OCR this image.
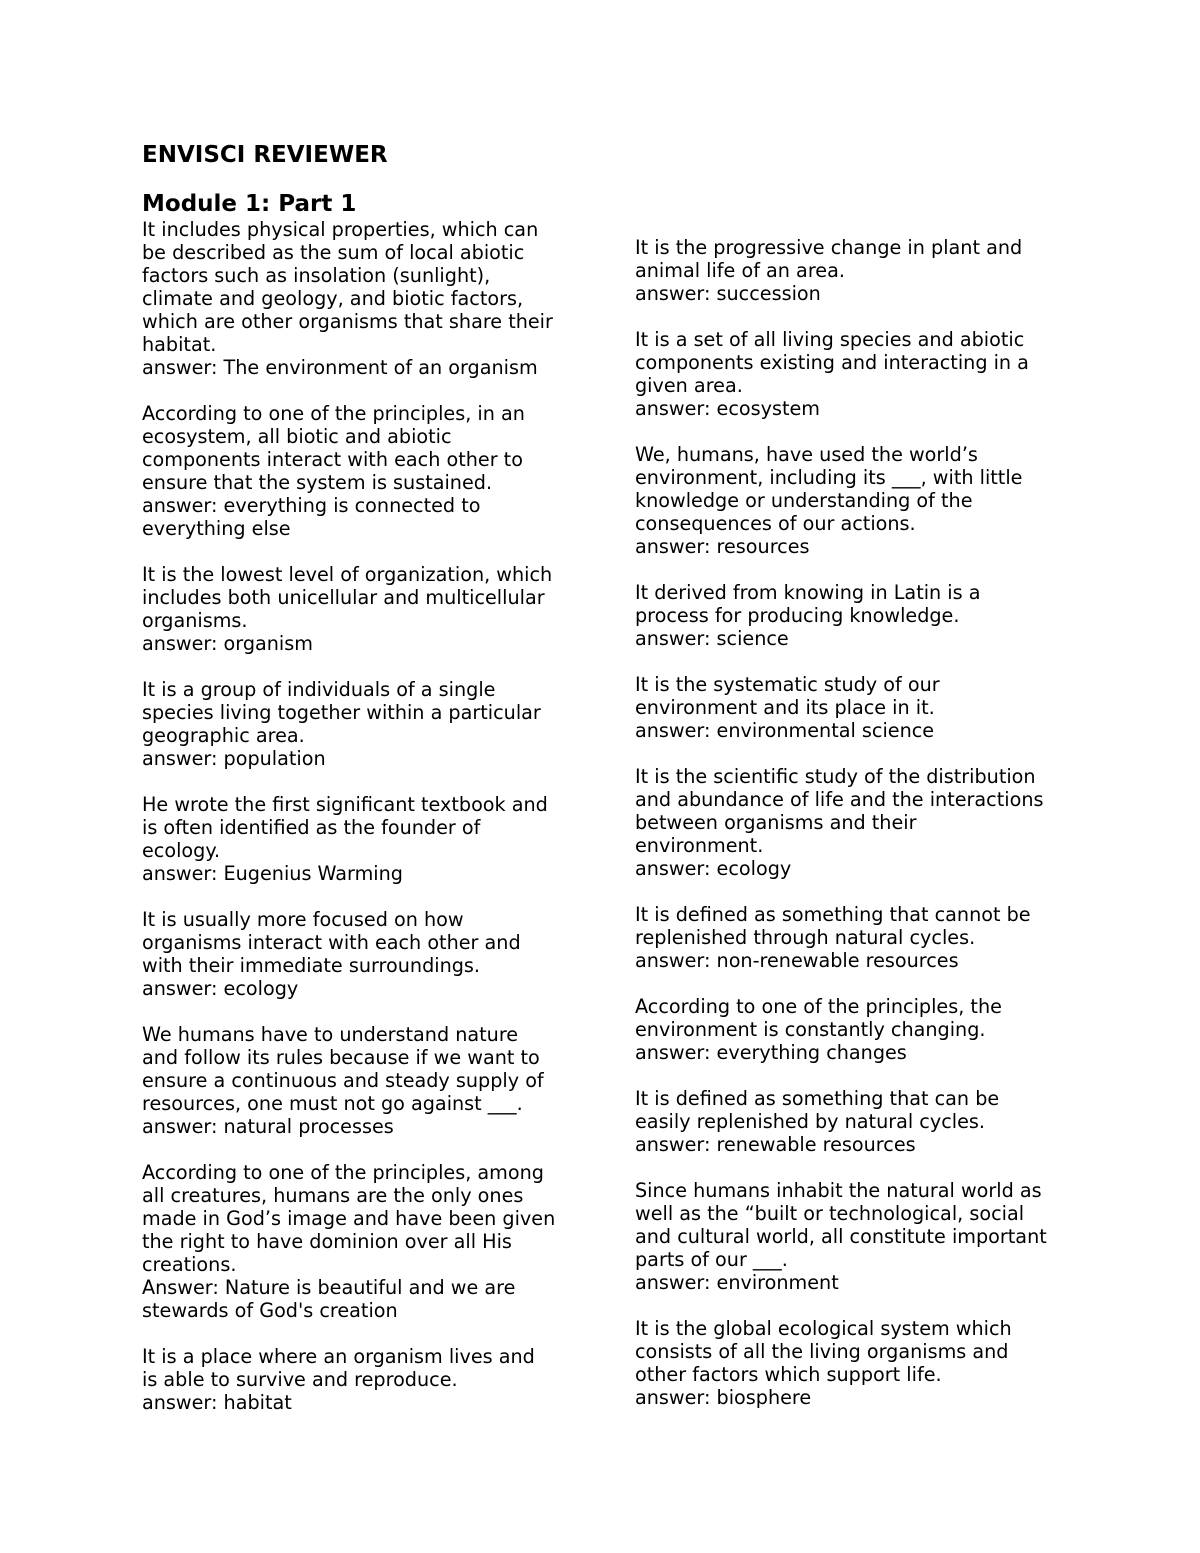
ENVISCI REVIEWER
Module 1: Part 1
It includes physical properties, which can
be described as the sum of local abiotic
factors such as insolation (sunlight),
climate and geology, and biotic factors,
which are other organisms that share their
habitat.
answer: The environment of an organism
According to one of the principles, in an
ecosystem, all biotic and abiotic
components interact with each other to
ensure that the system is sustained.
answer: everything is connected to
everything else
It is the lowest level of organization, which
includes both unicellular and multicellular
organisms.
answer: organism
It is a group of individuals of a single
species living together within a particular
geographic area.
answer: population
He wrote the first significant textbook and
is often identified as the founder of
ecology.
answer: Eugenius Warming
It is usually more focused on how
organisms interact with each other and
with their immediate surroundings.
answer: ecology
We humans have to understand nature
and follow its rules because if we want to
ensure a continuous and steady supply of
resources, one must not go against ___.
answer: natural processes
According to one of the principles, among
all creatures, humans are the only ones
made in God’s image and have been given
the right to have dominion over all His
creations.
Answer: Nature is beautiful and we are
stewards of God's creation
It is a place where an organism lives and
is able to survive and reproduce.
answer: habitat
It is the progressive change in plant and
animal life of an area.
answer: succession
It is a set of all living species and abiotic
components existing and interacting in a
given area.
answer: ecosystem
We, humans, have used the world’s
environment, including its ___, with little
knowledge or understanding of the
consequences of our actions.
answer: resources
It derived from knowing in Latin is a
process for producing knowledge.
answer: science
It is the systematic study of our
environment and its place in it.
answer: environmental science
It is the scientific study of the distribution
and abundance of life and the interactions
between organisms and their
environment.
answer: ecology
It is defined as something that cannot be
replenished through natural cycles.
answer: non-renewable resources
According to one of the principles, the
environment is constantly changing.
answer: everything changes
It is defined as something that can be
easily replenished by natural cycles.
answer: renewable resources
Since humans inhabit the natural world as
well as the “built or technological, social
and cultural world, all constitute important
parts of our ___.
answer: environment
It is the global ecological system which
consists of all the living organisms and
other factors which support life.
answer: biosphere
